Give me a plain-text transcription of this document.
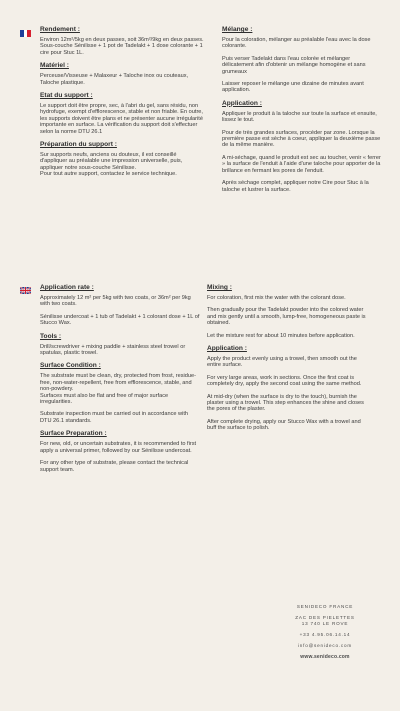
Rendement :
Environ 12m²/5kg en deux passes, soit 36m²/9kg en deux passes.
Sous-couche Sénilisse + 1 pot de Tadelakt + 1 dose colorante + 1 cire pour Stuc 1L.
Matériel :
Perceuse/Visseuse + Malaxeur + Taloche inox ou couteaux, Taloche plastique.
Etat du support :
Le support doit être propre, sec, à l'abri du gel, sans résidu, non hydrofuge, exempt d'efflorescence, stable et non friable. En outre, les supports doivent être plans et ne présenter aucune irrégularité importante en surface. La vérification du support doit s'effectuer selon la norme DTU 26.1
Préparation du support :
Sur supports neufs, anciens ou douteux, il est conseillé d'appliquer au préalable une impression universelle, puis, appliquer notre sous-couche Sénilisse.
Pour tout autre support, contactez le service technique.
Mélange :
Pour la coloration, mélanger au préalable l'eau avec la dose colorante.
Puis verser Tadelakt dans l'eau colorée et mélanger délicatement afin d'obtenir un mélange homogène et sans grumeaux
Laisser reposer le mélange une dizaine de minutes avant application.
Application :
Appliquer le produit à la taloche sur toute la surface et ensuite, lissez le tout.
Pour de très grandes surfaces, procéder par zone. Lorsque la première passe est sèche à coeur, appliquer la deuxième passe de la même manière.
A mi-séchage, quand le produit est sec au toucher, venir « ferrer » la surface de l'enduit à l'aide d'une taloche pour apporter de la brillance en fermant les pores de l'enduit.
Après séchage complet, appliquer notre Cire pour Stuc à la taloche et lustrer la surface.
Application rate :
Approximately 12 m² per 5kg with two coats, or 36m² per 9kg with two coats.
Sénilisse undercoat + 1 tub of Tadelakt + 1 colorant dose + 1L of Stucco Wax.
Tools :
Drill/screwdriver + mixing paddle + stainless steel trowel or spatulas, plastic trowel.
Surface Condition :
The substrate must be clean, dry, protected from frost, residue-free, non-water-repellent, free from efflorescence, stable, and non-powdery.
Surfaces must also be flat and free of major surface irregularities.
Substrate inspection must be carried out in accordance with DTU 26.1 standards.
Surface Preparation :
For new, old, or uncertain substrates, it is recommended to first apply a universal primer, followed by our Sénilisse undercoat.
For any other type of substrate, please contact the technical support team.
Mixing :
For coloration, first mix the water with the colorant dose.
Then gradually pour the Tadelakt powder into the colored water and mix gently until a smooth, lump-free, homogeneous paste is obtained.
Let the mixture rest for about 10 minutes before application.
Application :
Apply the product evenly using a trowel, then smooth out the entire surface.
For very large areas, work in sections. Once the first coat is completely dry, apply the second coat using the same method.
At mid-dry (when the surface is dry to the touch), burnish the plaster using a trowel. This step enhances the shine and closes the pores of the plaster.
After complete drying, apply our Stucco Wax with a trowel and buff the surface to polish.
SENIDECO FRANCE
ZAC DES PIELETTES
13 740 LE ROVE
+33 4.95.06.14.14
info@senideco.com
www.senideco.com
